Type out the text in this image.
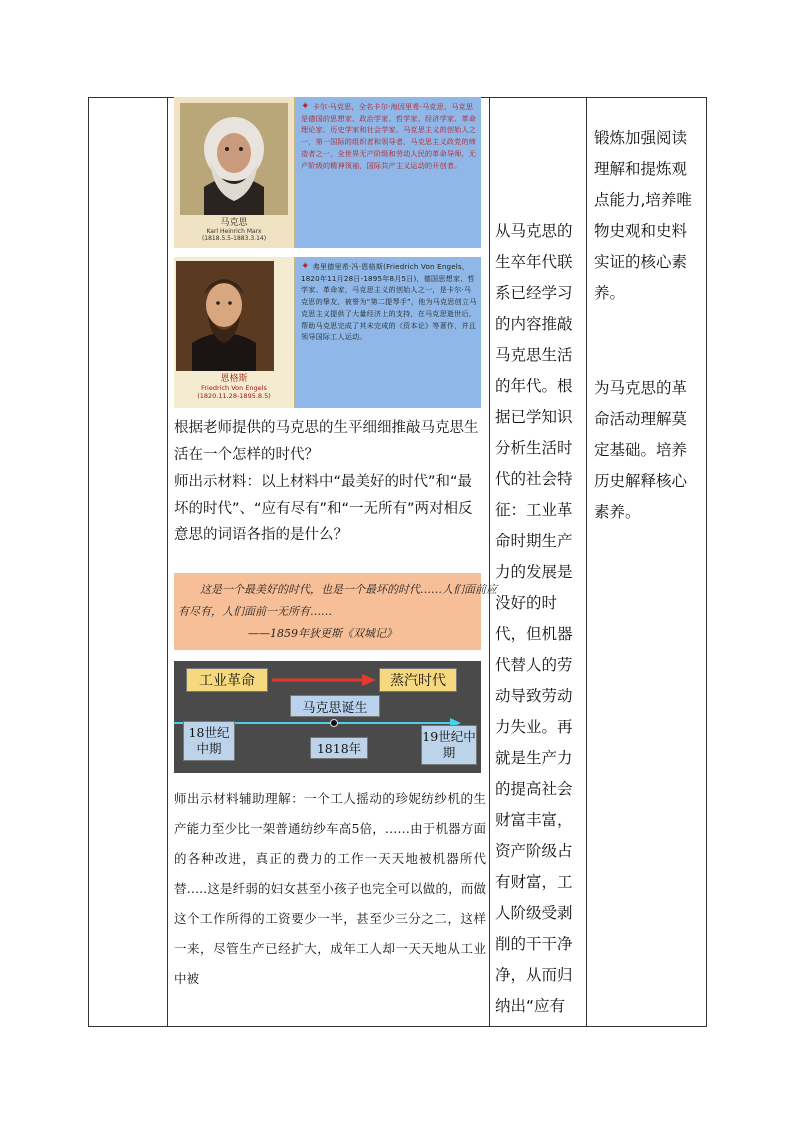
马克思
Karl Heinrich Marx
(1818.5.5-1883.3.14)
✦ 卡尔·马克思，全名卡尔·海因里希·马克思，马克思是德国的思想家、政治学家、哲学家、经济学家、革命理论家、历史学家和社会学家。马克思主义的创始人之一，第一国际的组织者和领导者，马克思主义政党的缔造者之一，全世界无产阶级和劳动人民的革命导师，无产阶级的精神领袖，国际共产主义运动的开创者。
恩格斯
Friedrich Von Engels
(1820.11.28-1895.8.5)
✦ 弗里德里希·冯·恩格斯(Friedrich Von Engels，1820年11月28日-1895年8月5日)，德国思想家、哲学家、革命家，马克思主义的创始人之一，是卡尔·马克思的挚友，被誉为“第二提琴手”，他为马克思创立马克思主义提供了大量经济上的支持，在马克思逝世后，帮助马克思完成了其未完成的《资本论》等著作，并且领导国际工人运动。
根据老师提供的马克思的生平细细推敲马克思生活在一个怎样的时代？
师出示材料：以上材料中“最美好的时代”和“最坏的时代”、“应有尽有”和“一无所有”两对相反意思的词语各指的是什么？
这是一个最美好的时代，也是一个最坏的时代……人们面前应
有尽有，人们面前一无所有……
——1859年狄更斯《双城记》
工业革命	蒸汽时代
马克思诞生
18世纪中期	1818年
19世纪中期
师出示材料辅助理解：一个工人摇动的珍妮纺纱机的生产能力至少比一架普通纺纱车高5倍，……由于机器方面的各种改进，真正的费力的工作一天天地被机器所代替…..这是纤弱的妇女甚至小孩子也完全可以做的，而做这个工作所得的工资要少一半，甚至少三分之二，这样一来，尽管生产已经扩大，成年工人却一天天地从工业中被
从马克思的生卒年代联系已经学习的内容推敲马克思生活的年代。根据已学知识分析生活时代的社会特征：工业革命时期生产力的发展是没好的时代，但机器代替人的劳动导致劳动力失业。再就是生产力的提高社会财富丰富，资产阶级占有财富，工人阶级受剥削的干干净净，从而归纳出“应有
锻炼加强阅读理解和提炼观点能力,培养唯物史观和史料实证的核心素养。
为马克思的革命活动理解莫定基础。培养历史解释核心素养。
